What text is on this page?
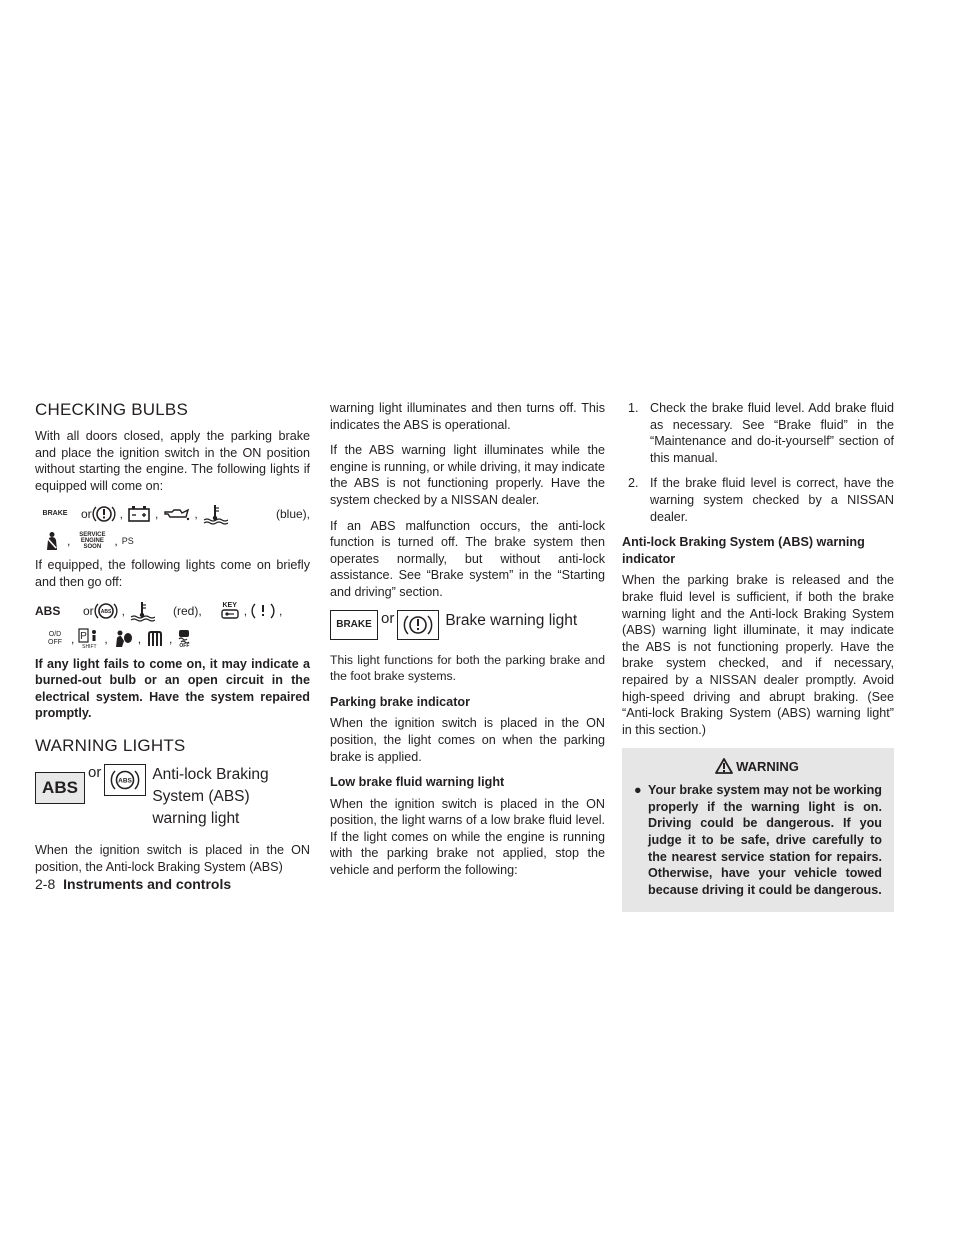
CHECKING BULBS

With all doors closed, apply the parking brake and place the ignition switch in the ON position without starting the engine. The following lights if equipped will come on:

BRAKE	or ,	,	,	(blue),
,	SERVICE ENGINE SOON	, PS

If equipped, the following lights come on briefly and then go off:

ABS	or ABS ,	(red),	KEY ,	,
O/D OFF , P
SHIFT
,	, , OFF

If any light fails to come on, it may indicate a burned-out bulb or an open circuit in the electrical system. Have the system repaired promptly.

WARNING LIGHTS
ABS
or	ABS Anti-lock Braking
System (ABS)
warning light

When the ignition switch is placed in the ON position, the Anti-lock Braking System (ABS)

warning light illuminates and then turns off. This indicates the ABS is operational.

If the ABS warning light illuminates while the engine is running, or while driving, it may indicate the ABS is not functioning properly. Have the system checked by a NISSAN dealer.

If an ABS malfunction occurs, the anti-lock function is turned off. The brake system then operates normally, but without anti-lock assistance. See “Brake system” in the “Starting and driving” section.

BRAKE or	Brake warning light

This light functions for both the parking brake and the foot brake systems.

Parking brake indicator

When the ignition switch is placed in the ON position, the light comes on when the parking brake is applied.

Low brake fluid warning light

When the ignition switch is placed in the ON position, the light warns of a low brake fluid level. If the light comes on while the engine is running with the parking brake not applied, stop the vehicle and perform the following:

1. Check the brake fluid level. Add brake fluid as necessary. See “Brake fluid” in the “Maintenance and do-it-yourself” section of this manual.
2. If the brake fluid level is correct, have the warning system checked by a NISSAN dealer.
Anti-lock Braking System (ABS) warning indicator

When the parking brake is released and the brake fluid level is sufficient, if both the brake warning light and the Anti-lock Braking System (ABS) warning light illuminate, it may indicate the ABS is not functioning properly. Have the brake system checked, and if necessary, repaired by a NISSAN dealer promptly. Avoid high-speed driving and abrupt braking. (See “Anti-lock Braking System (ABS) warning light” in this section.)

WARNING
● Your brake system may not be working properly if the warning light is on. Driving could be dangerous. If you judge it to be safe, drive carefully to the nearest service station for repairs. Otherwise, have your vehicle towed because driving it could be dangerous.
2-8 Instruments and controls
